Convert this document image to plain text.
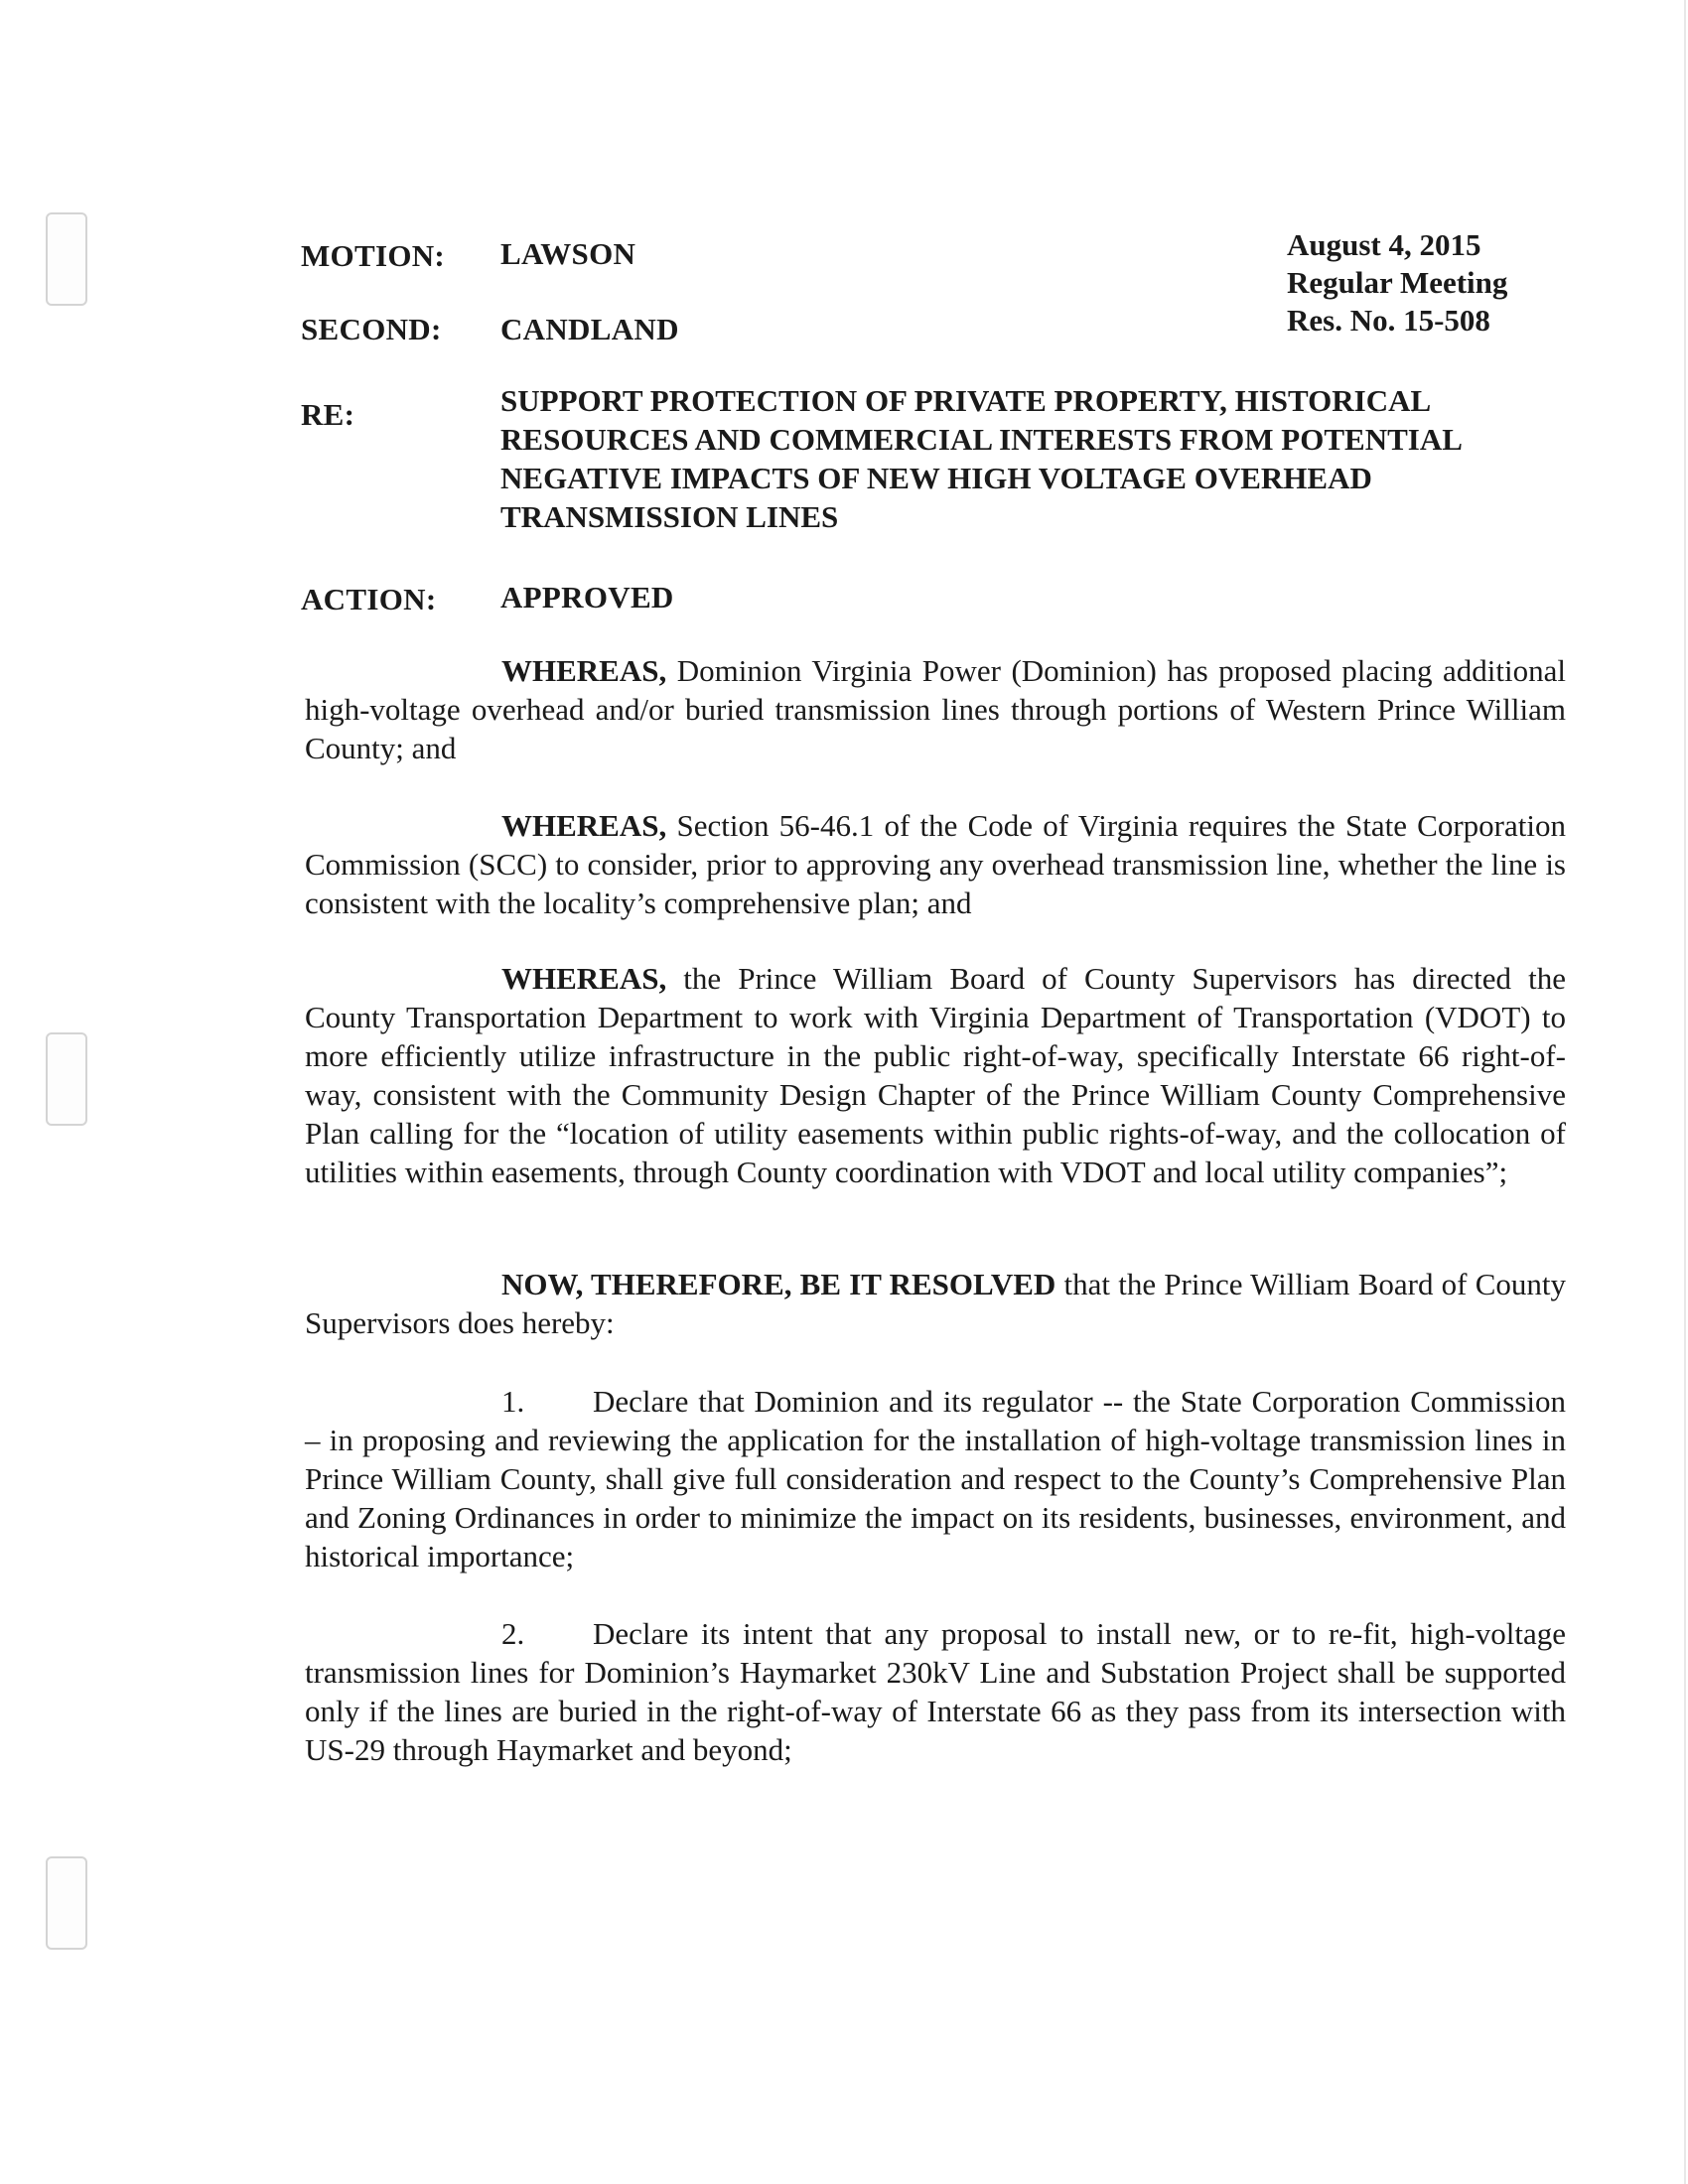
MOTION: LAWSON
SECOND: CANDLAND
August 4, 2015
Regular Meeting
Res. No. 15-508
RE:	SUPPORT PROTECTION OF PRIVATE PROPERTY, HISTORICAL
RESOURCES AND COMMERCIAL INTERESTS FROM POTENTIAL
NEGATIVE IMPACTS OF NEW HIGH VOLTAGE OVERHEAD
TRANSMISSION LINES
ACTION: APPROVED
WHEREAS, Dominion Virginia Power (Dominion) has proposed placing additional high-voltage overhead and/or buried transmission lines through portions of Western Prince William County; and
WHEREAS, Section 56-46.1 of the Code of Virginia requires the State Corporation Commission (SCC) to consider, prior to approving any overhead transmission line, whether the line is consistent with the locality’s comprehensive plan; and
WHEREAS, the Prince William Board of County Supervisors has directed the County Transportation Department to work with Virginia Department of Transportation (VDOT) to more efficiently utilize infrastructure in the public right-of-way, specifically Interstate 66 right-of-way, consistent with the Community Design Chapter of the Prince William County Comprehensive Plan calling for the “location of utility easements within public rights-of-way, and the collocation of utilities within easements, through County coordination with VDOT and local utility companies”;
NOW, THEREFORE, BE IT RESOLVED that the Prince William Board of County Supervisors does hereby:
1. Declare that Dominion and its regulator -- the State Corporation Commission – in proposing and reviewing the application for the installation of high-voltage transmission lines in Prince William County, shall give full consideration and respect to the County’s Comprehensive Plan and Zoning Ordinances in order to minimize the impact on its residents, businesses, environment, and historical importance;
2. Declare its intent that any proposal to install new, or to re-fit, high-voltage transmission lines for Dominion’s Haymarket 230kV Line and Substation Project shall be supported only if the lines are buried in the right-of-way of Interstate 66 as they pass from its intersection with US-29 through Haymarket and beyond;
